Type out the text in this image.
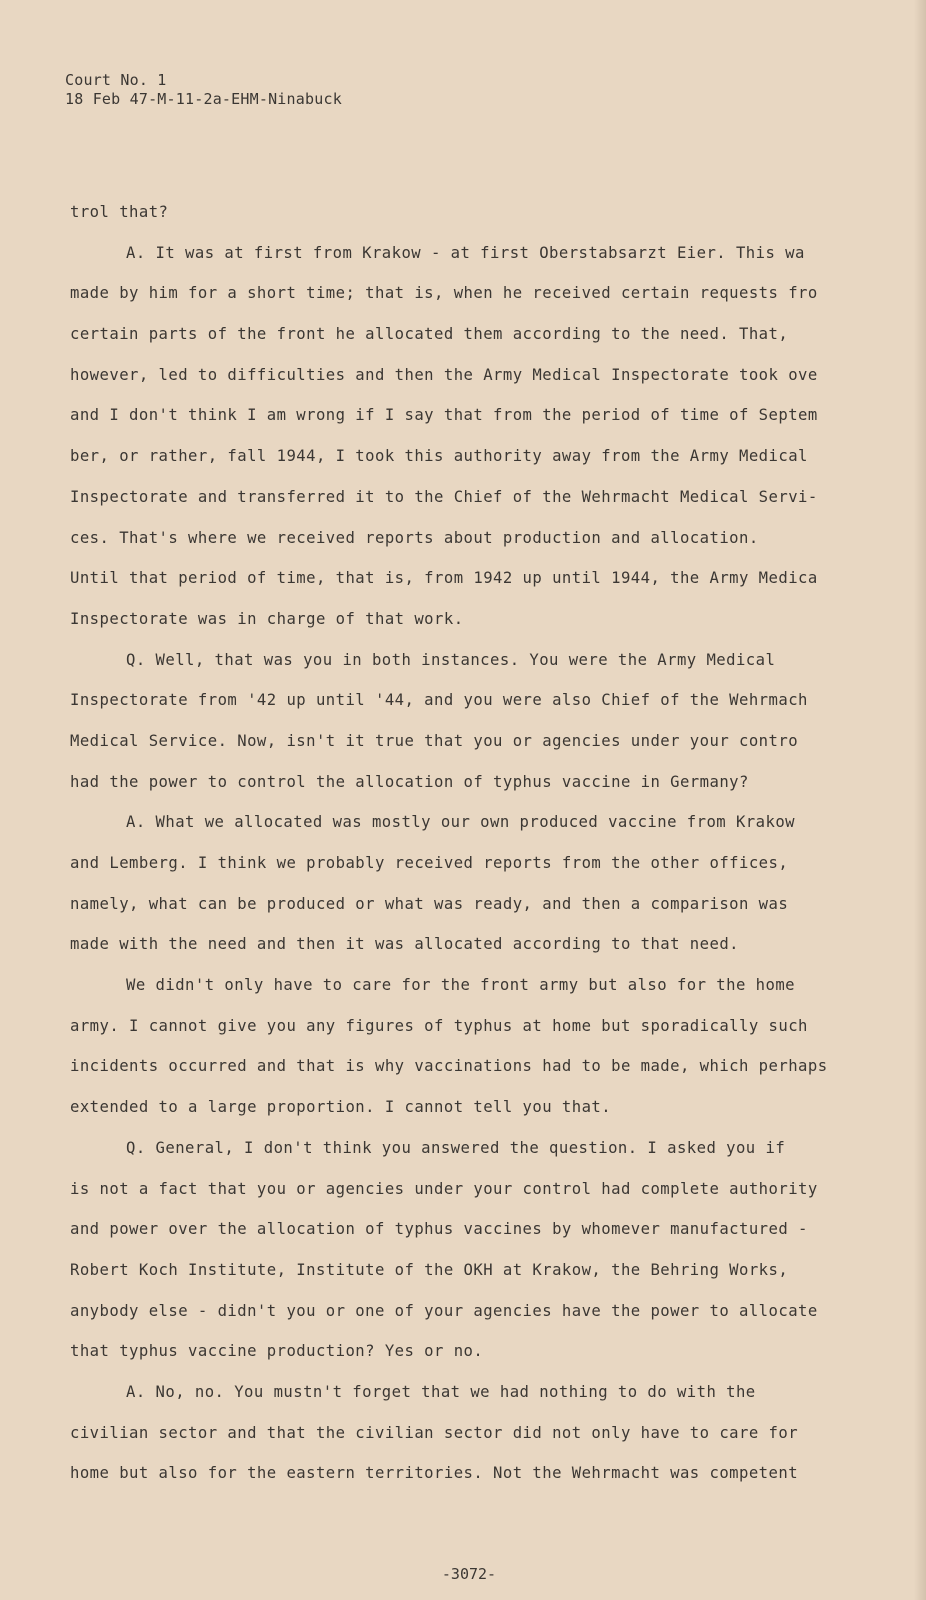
Court No. 1
18 Feb 47-M-11-2a-EHM-Ninabuck
trol that?
A. It was at first from Krakow - at first Oberstabsarzt Eier. This wa
made by him for a short time; that is, when he received certain requests fro
certain parts of the front he allocated them according to the need. That,
however, led to difficulties and then the Army Medical Inspectorate took ove
and I don't think I am wrong if I say that from the period of time of Septem
ber, or rather, fall 1944, I took this authority away from the Army Medical
Inspectorate and transferred it to the Chief of the Wehrmacht Medical Servi-
ces. That's where we received reports about production and allocation.
Until that period of time, that is, from 1942 up until 1944, the Army Medica
Inspectorate was in charge of that work.
Q. Well, that was you in both instances. You were the Army Medical
Inspectorate from '42 up until '44, and you were also Chief of the Wehrmach
Medical Service. Now, isn't it true that you or agencies under your contro
had the power to control the allocation of typhus vaccine in Germany?
A. What we allocated was mostly our own produced vaccine from Krakow
and Lemberg. I think we probably received reports from the other offices,
namely, what can be produced or what was ready, and then a comparison was
made with the need and then it was allocated according to that need.
We didn't only have to care for the front army but also for the home
army. I cannot give you any figures of typhus at home but sporadically such
incidents occurred and that is why vaccinations had to be made, which perhaps
extended to a large proportion. I cannot tell you that.
Q. General, I don't think you answered the question. I asked you if
is not a fact that you or agencies under your control had complete authority
and power over the allocation of typhus vaccines by whomever manufactured -
Robert Koch Institute, Institute of the OKH at Krakow, the Behring Works,
anybody else - didn't you or one of your agencies have the power to allocate
that typhus vaccine production? Yes or no.
A. No, no. You mustn't forget that we had nothing to do with the
civilian sector and that the civilian sector did not only have to care for
home but also for the eastern territories. Not the Wehrmacht was competent
-3072-
